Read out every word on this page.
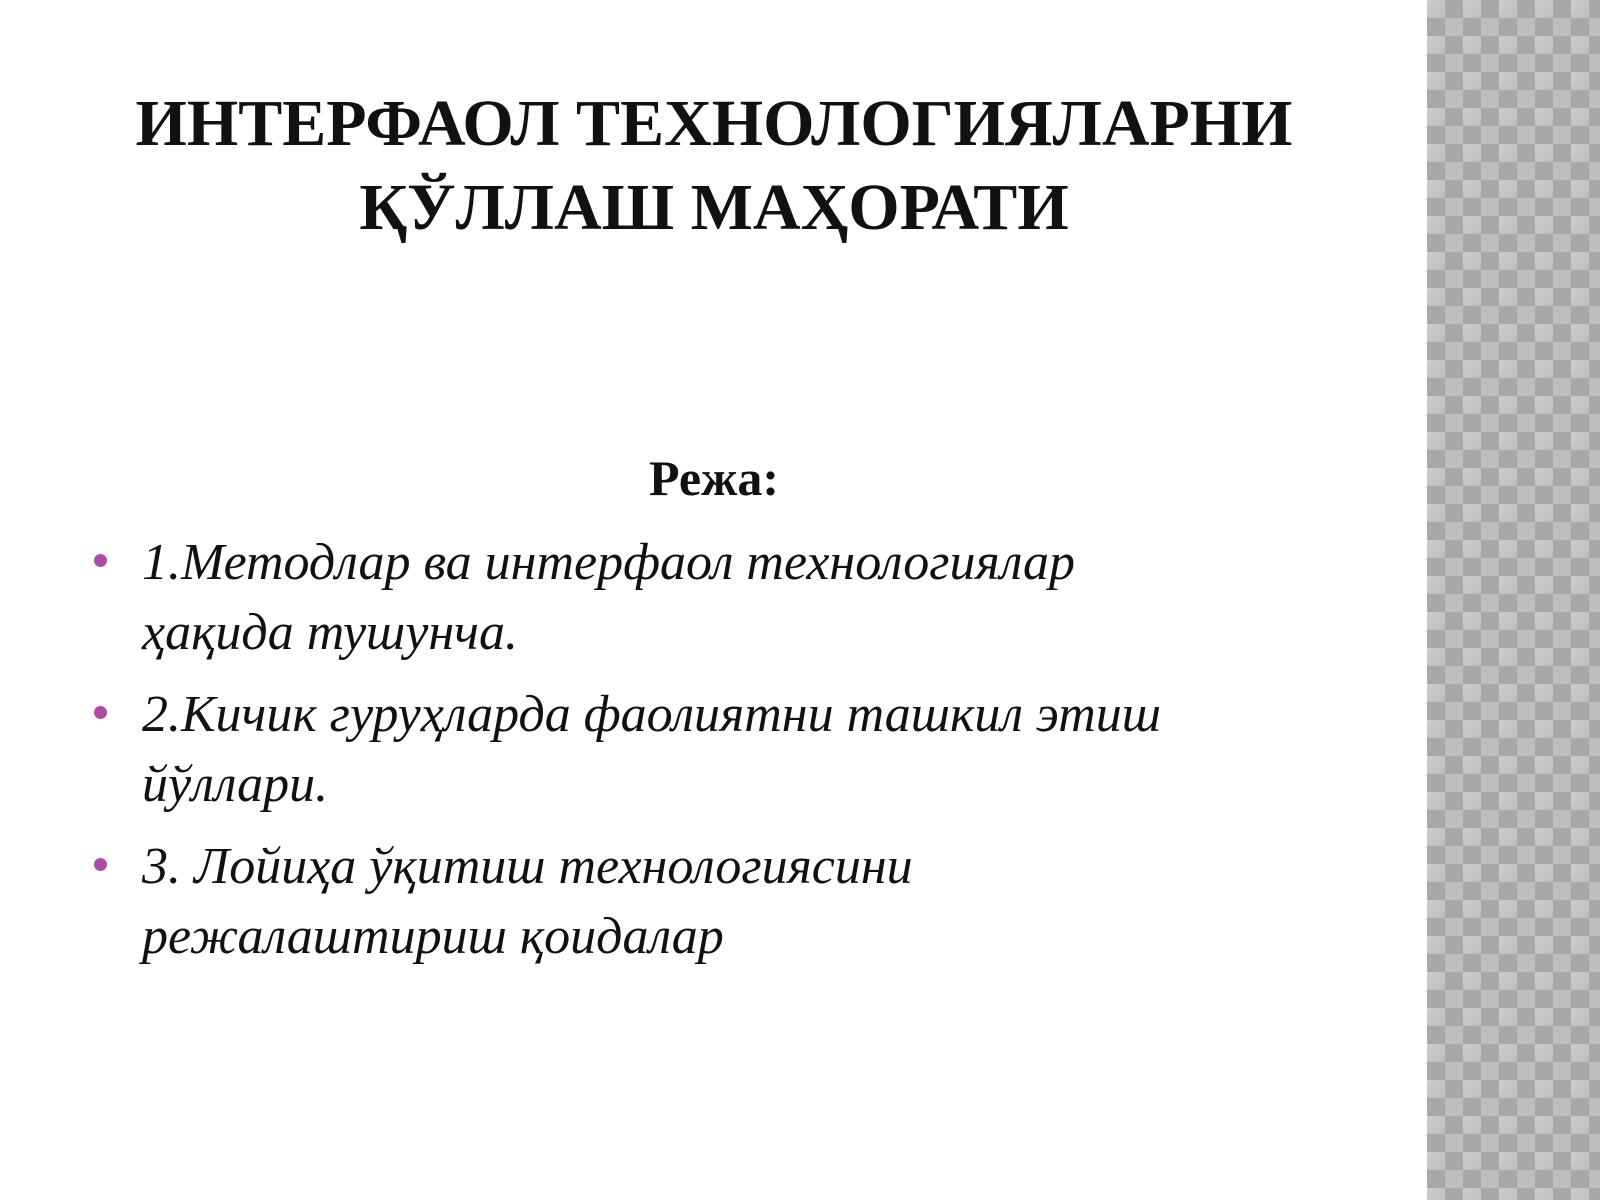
ИНТЕРФАОЛ ТЕХНОЛОГИЯЛАРНИ
ҚЎЛЛАШ МАҲОРАТИ
Режа:
1.Методлар ва интерфаол технологиялар
ҳақида тушунча.
2.Кичик гуруҳларда фаолиятни ташкил этиш
йўллари.
3. Лойиҳа ўқитиш технологиясини
режалаштириш қоидалар
